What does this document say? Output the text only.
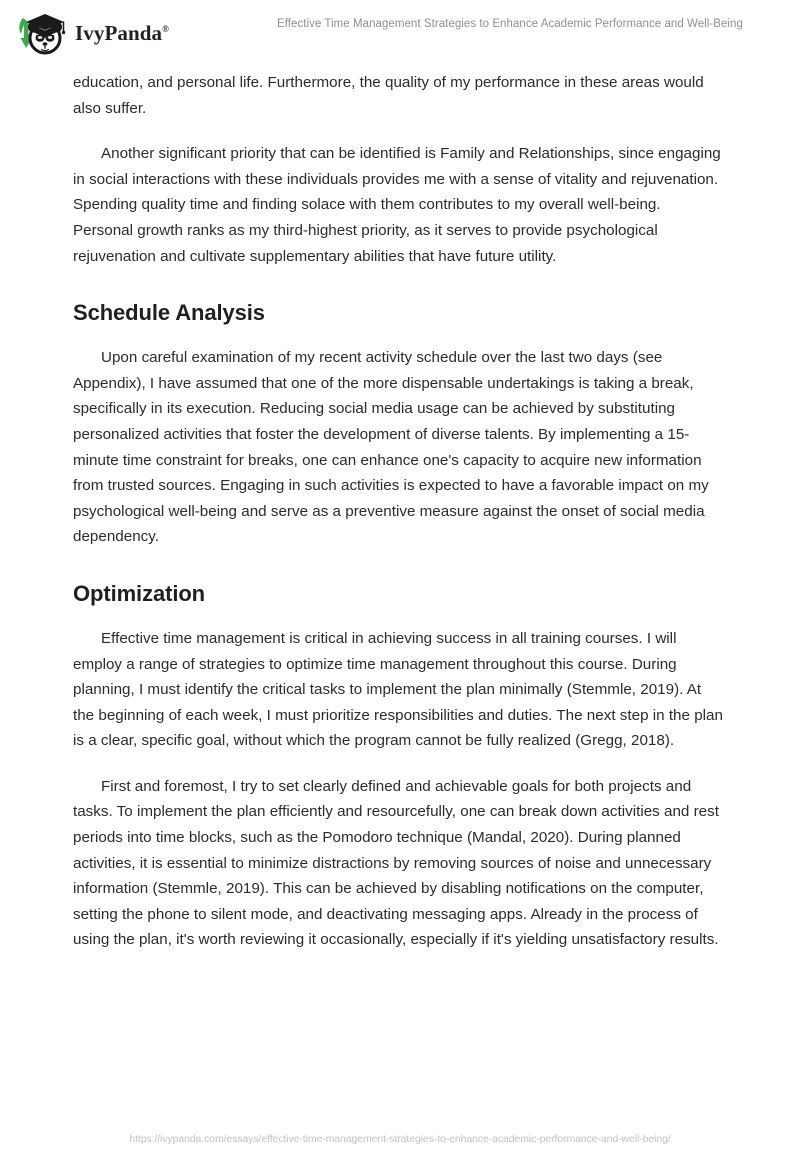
IvyPanda®	Effective Time Management Strategies to Enhance Academic Performance and Well-Being

education, and personal life. Furthermore, the quality of my performance in these areas would also suffer.

Another significant priority that can be identified is Family and Relationships, since engaging in social interactions with these individuals provides me with a sense of vitality and rejuvenation. Spending quality time and finding solace with them contributes to my overall well-being. Personal growth ranks as my third-highest priority, as it serves to provide psychological rejuvenation and cultivate supplementary abilities that have future utility.

Schedule Analysis

Upon careful examination of my recent activity schedule over the last two days (see Appendix), I have assumed that one of the more dispensable undertakings is taking a break, specifically in its execution. Reducing social media usage can be achieved by substituting personalized activities that foster the development of diverse talents. By implementing a 15-minute time constraint for breaks, one can enhance one's capacity to acquire new information from trusted sources. Engaging in such activities is expected to have a favorable impact on my psychological well-being and serve as a preventive measure against the onset of social media dependency.

Optimization

Effective time management is critical in achieving success in all training courses. I will employ a range of strategies to optimize time management throughout this course. During planning, I must identify the critical tasks to implement the plan minimally (Stemmle, 2019). At the beginning of each week, I must prioritize responsibilities and duties. The next step in the plan is a clear, specific goal, without which the program cannot be fully realized (Gregg, 2018).

First and foremost, I try to set clearly defined and achievable goals for both projects and tasks. To implement the plan efficiently and resourcefully, one can break down activities and rest periods into time blocks, such as the Pomodoro technique (Mandal, 2020). During planned activities, it is essential to minimize distractions by removing sources of noise and unnecessary information (Stemmle, 2019). This can be achieved by disabling notifications on the computer, setting the phone to silent mode, and deactivating messaging apps. Already in the process of using the plan, it's worth reviewing it occasionally, especially if it's yielding unsatisfactory results.

https://ivypanda.com/essays/effective-time-management-strategies-to-enhance-academic-performance-and-well-being/
